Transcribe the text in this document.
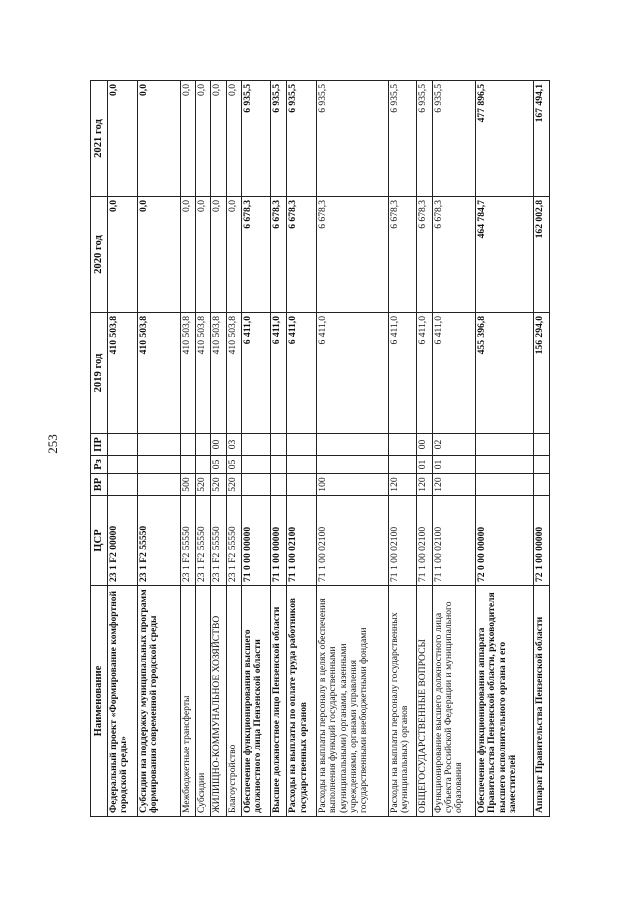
253
Наименование	ЦСР	ВР	Рз	ПР	2019 год	2020 год	2021 год
Федеральный проект «Формирование комфортной городской среды»	23 1 F2 00000				410 503,8	0,0	0,0
Субсидии на поддержку муниципальных программ формирования современной городской среды	23 1 F2 55550				410 503,8	0,0	0,0
Межбюджетные трансферты	23 1 F2 55550	500			410 503,8	0,0	0,0
Субсидии	23 1 F2 55550	520			410 503,8	0,0	0,0
ЖИЛИЩНО-КОММУНАЛЬНОЕ ХОЗЯЙСТВО	23 1 F2 55550	520	05	00	410 503,8	0,0	0,0
Благоустройство	23 1 F2 55550	520	05	03	410 503,8	0,0	0,0
Обеспечение функционирования высшего должностного лица Пензенской области	71 0 00 00000				6 411,0	6 678,3	6 935,5
Высшее должностное лицо Пензенской области	71 1 00 00000				6 411,0	6 678,3	6 935,5
Расходы на выплаты по оплате труда работников государственных органов	71 1 00 02100				6 411,0	6 678,3	6 935,5
Расходы на выплаты персоналу в целях обеспечения выполнения функций государственными (муниципальными) органами, казенными учреждениями, органами управления государственными внебюджетными фондами	71 1 00 02100	100			6 411,0	6 678,3	6 935,5
Расходы на выплаты персоналу государственных (муниципальных) органов	71 1 00 02100	120			6 411,0	6 678,3	6 935,5
ОБЩЕГОСУДАРСТВЕННЫЕ ВОПРОСЫ	71 1 00 02100	120	01	00	6 411,0	6 678,3	6 935,5
Функционирование высшего должностного лица субъекта Российской Федерации и муниципального образования	71 1 00 02100	120	01	02	6 411,0	6 678,3	6 935,5
Обеспечение функционирования аппарата Правительства Пензенской области, руководителя высшего исполнительного органа и его заместителей	72 0 00 00000				455 396,8	464 784,7	477 896,5
Аппарат Правительства Пензенской области	72 1 00 00000				156 294,0	162 002,8	167 494,1
